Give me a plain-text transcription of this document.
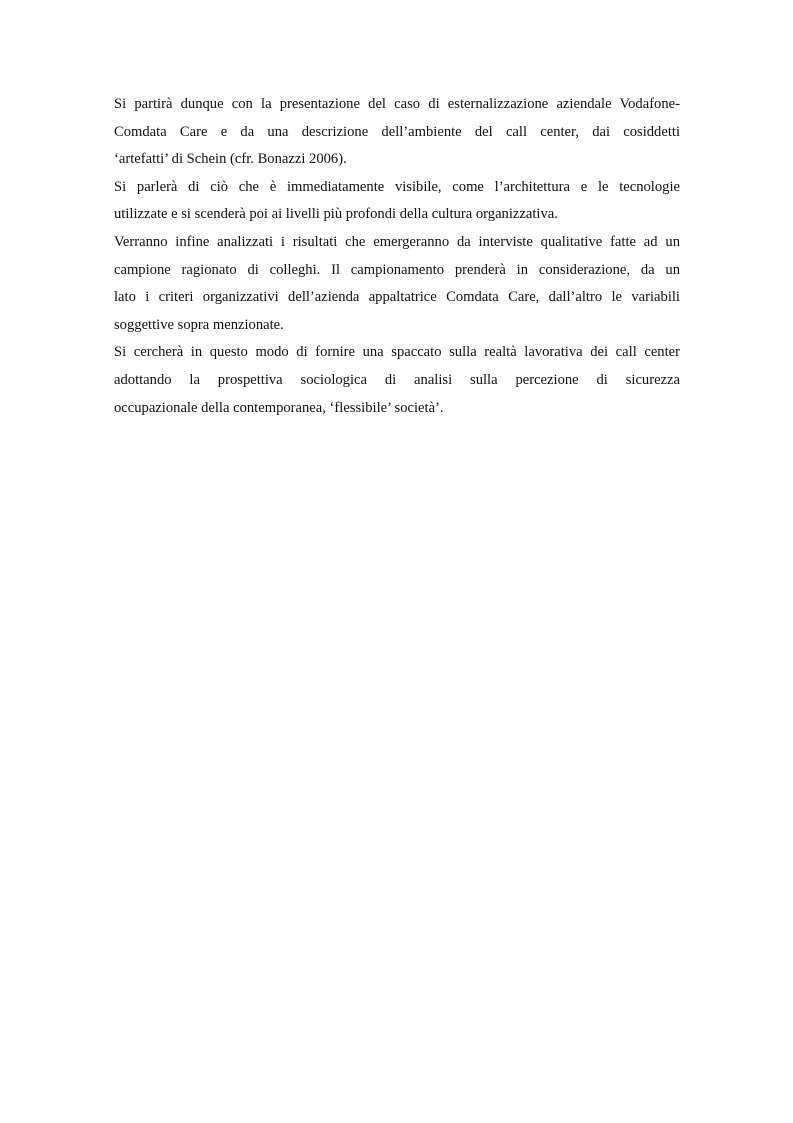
Si partirà dunque con la presentazione del caso di esternalizzazione aziendale Vodafone-
Comdata Care e da una descrizione dell’ambiente del call center, dai cosiddetti
‘artefatti’ di Schein (cfr. Bonazzi 2006).

Si parlerà di ciò che è immediatamente visibile, come l’architettura e le tecnologie
utilizzate e si scenderà poi ai livelli più profondi della cultura organizzativa.

Verranno infine analizzati i risultati che emergeranno da interviste qualitative fatte ad un
campione ragionato di colleghi. Il campionamento prenderà in considerazione, da un
lato i criteri organizzativi dell’azienda appaltatrice Comdata Care, dall’altro le variabili
soggettive sopra menzionate.

Si cercherà in questo modo di fornire una spaccato sulla realtà lavorativa dei call center
adottando la prospettiva sociologica di analisi sulla percezione di sicurezza
occupazionale della contemporanea, ‘flessibile’ società’.
